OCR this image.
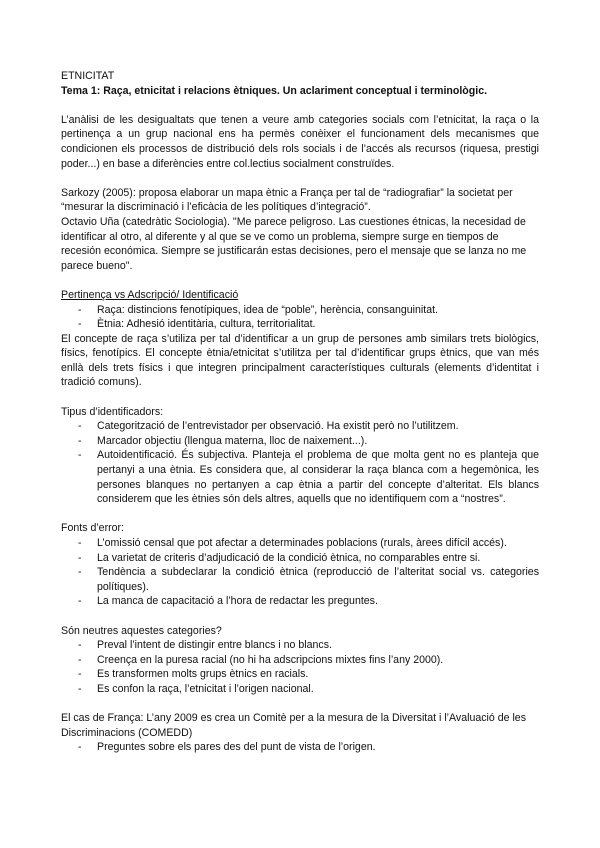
ETNICITAT

Tema 1: Raça, etnicitat i relacions ètniques. Un aclariment conceptual i terminològic.

L’anàlisi de les desigualtats que tenen a veure amb categories socials com l’etnicitat, la raça o la pertinença a un grup nacional ens ha permès conèixer el funcionament dels mecanismes que condicionen els processos de distribució dels rols socials i de l’accés als recursos (riquesa, prestigi poder...) en base a diferències entre col.lectius socialment construïdes.

Sarkozy (2005): proposa elaborar un mapa ètnic a França per tal de “radiografiar” la societat per “mesurar la discriminació i l’eficàcia de les polítiques d’integració”.

Octavio Uña (catedràtic Sociologia). "Me parece peligroso. Las cuestiones étnicas, la necesidad de identificar al otro, al diferente y al que se ve como un problema, siempre surge en tiempos de recesión económica. Siempre se justificarán estas decisiones, pero el mensaje que se lanza no me parece bueno".

Pertinença vs Adscripció/ Identificació

- Raça: distincions fenotípiques, idea de “poble”, herència, consanguinitat.
- Ètnia: Adhesió identitària, cultura, territorialitat.

El concepte de raça s’utiliza per tal d’identificar a un grup de persones amb similars trets biològics, físics, fenotípics. El concepte ètnia/etnicitat s’utilitza per tal d’identificar grups ètnics, que van més enllà dels trets físics i que integren principalment característiques culturals (elements d’identitat i tradició comuns).

Tipus d’identificadors:

- Categorització de l’entrevistador per observació. Ha existit però no l’utilitzem.
- Marcador objectiu (llengua materna, lloc de naixement...).
- Autoidentificació. És subjectiva. Planteja el problema de que molta gent no es planteja que pertanyi a una ètnia. Es considera que, al considerar la raça blanca com a hegemònica, les persones blanques no pertanyen a cap ètnia a partir del concepte d’alteritat. Els blancs considerem que les ètnies són dels altres, aquells que no identifiquem com a “nostres”.

Fonts d’error:

- L’omissió censal que pot afectar a determinades poblacions (rurals, àrees difícil accés).
- La varietat de criteris d’adjudicació de la condició ètnica, no comparables entre si.
- Tendència a subdeclarar la condició ètnica (reproducció de l’alteritat social vs. categories polítiques).
- La manca de capacitació a l’hora de redactar les preguntes.

Són neutres aquestes categories?

- Preval l’intent de distingir entre blancs i no blancs.
- Creença en la puresa racial (no hi ha adscripcions mixtes fins l’any 2000).
- Es transformen molts grups ètnics en racials.
- Es confon la raça, l’etnicitat i l’origen nacional.

El cas de França: L’any 2009 es crea un Comitè per a la mesura de la Diversitat i l’Avaluació de les Discriminacions (COMEDD)

- Preguntes sobre els pares des del punt de vista de l’origen.
